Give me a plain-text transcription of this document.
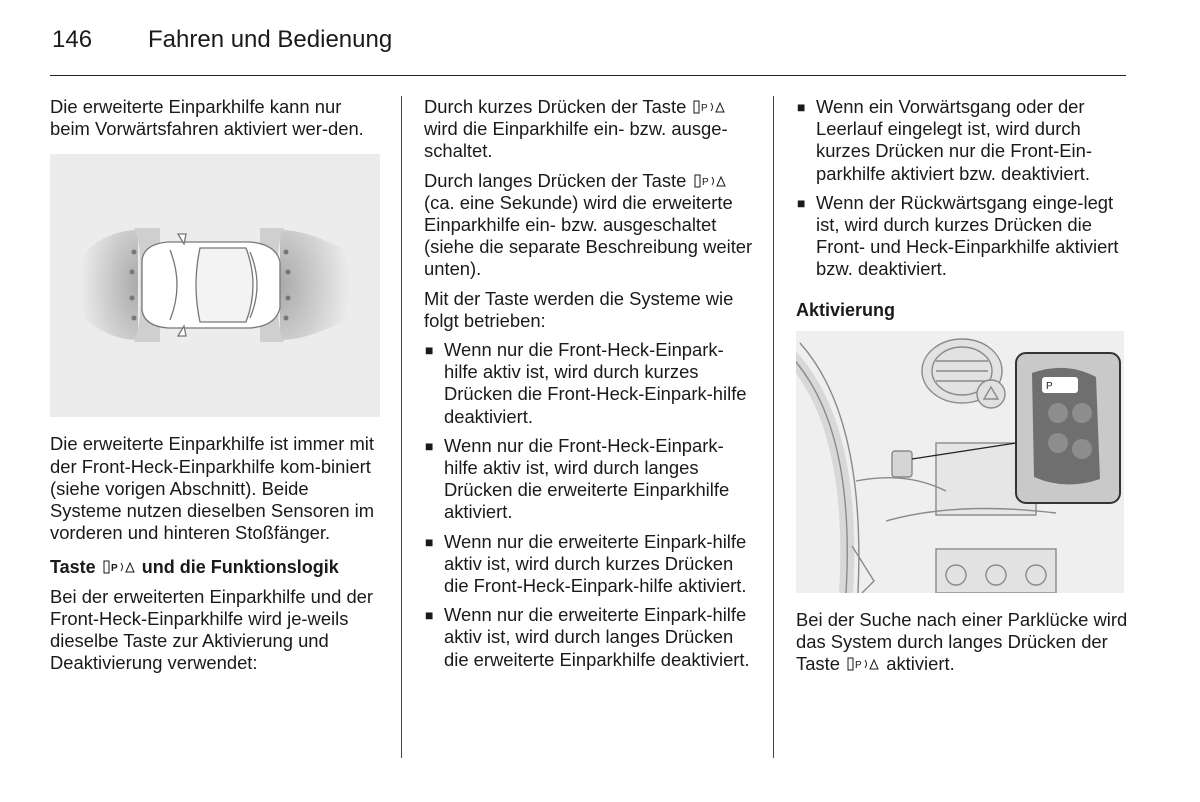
146 Fahren und Bedienung

Die erweiterte Einparkhilfe kann nur beim Vorwärtsfahren aktiviert wer-den.

Die erweiterte Einparkhilfe ist immer mit der Front-Heck-Einparkhilfe kom-biniert (siehe vorigen Abschnitt). Beide Systeme nutzen dieselben Sensoren im vorderen und hinteren Stoßfänger.

Taste P und die Funktionslogik

Bei der erweiterten Einparkhilfe und der Front-Heck-Einparkhilfe wird je-weils dieselbe Taste zur Aktivierung und Deaktivierung verwendet:

Durch kurzes Drücken der Taste P
wird die Einparkhilfe ein- bzw. ausge-schaltet.

Durch langes Drücken der Taste P
(ca. eine Sekunde) wird die erweiterte Einparkhilfe ein- bzw. ausgeschaltet (siehe die separate Beschreibung weiter unten).

Mit der Taste werden die Systeme wie folgt betrieben:

■ Wenn nur die Front-Heck-Einpark-hilfe aktiv ist, wird durch kurzes Drücken die Front-Heck-Einpark-hilfe deaktiviert.
■ Wenn nur die Front-Heck-Einpark-hilfe aktiv ist, wird durch langes Drücken die erweiterte Einparkhilfe aktiviert.
■ Wenn nur die erweiterte Einpark-hilfe aktiv ist, wird durch kurzes Drücken die Front-Heck-Einpark-hilfe aktiviert.
■ Wenn nur die erweiterte Einpark-hilfe aktiv ist, wird durch langes Drücken die erweiterte Einparkhilfe deaktiviert.
■ Wenn ein Vorwärtsgang oder der Leerlauf eingelegt ist, wird durch kurzes Drücken nur die Front-Ein-parkhilfe aktiviert bzw. deaktiviert.
■ Wenn der Rückwärtsgang einge-legt ist, wird durch kurzes Drücken die Front- und Heck-Einparkhilfe aktiviert bzw. deaktiviert.

Aktivierung

P

Bei der Suche nach einer Parklücke wird das System durch langes Drücken der Taste P aktiviert.
